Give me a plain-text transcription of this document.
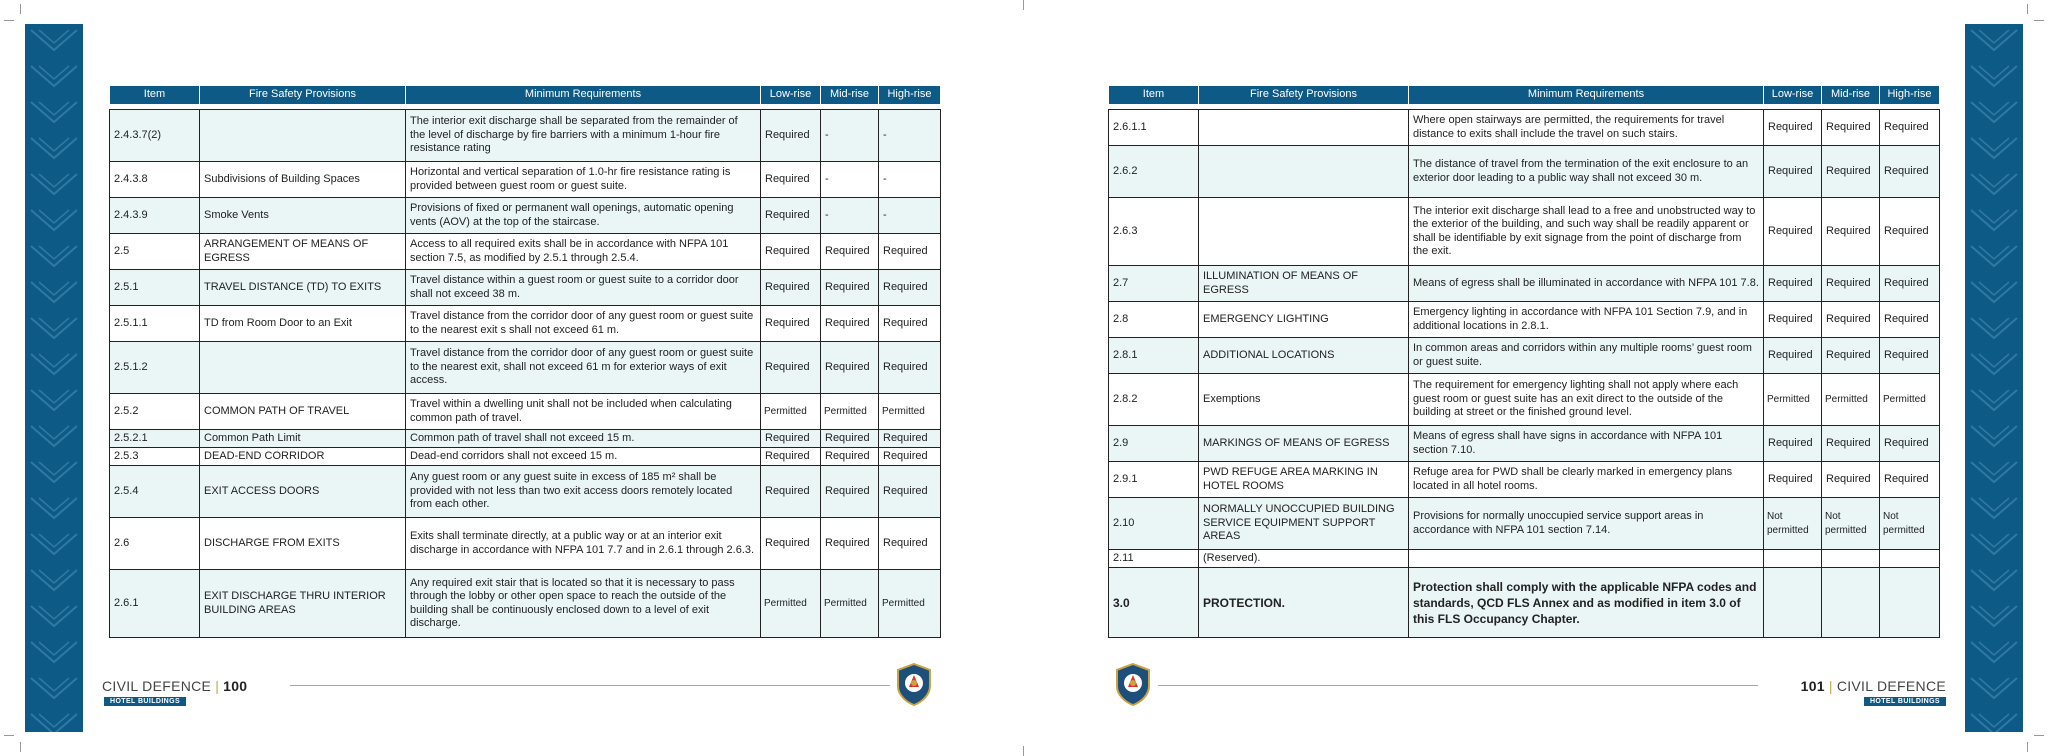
Item	Fire Safety Provisions	Minimum Requirements	Low-rise	Mid-rise	High-rise

2.4.3.7(2)		The interior exit discharge shall be separated from the remainder of the level of discharge by fire barriers with a minimum 1-hour fire resistance rating	Required	-	-
2.4.3.8	Subdivisions of Building Spaces	Horizontal and vertical separation of 1.0-hr fire resistance rating is provided between guest room or guest suite.	Required	-	-
2.4.3.9	Smoke Vents	Provisions of fixed or permanent wall openings, automatic opening vents (AOV) at the top of the staircase.	Required	-	-
2.5	ARRANGEMENT OF MEANS OF EGRESS	Access to all required exits shall be in accordance with NFPA 101 section 7.5, as modified by 2.5.1 through 2.5.4.	Required	Required	Required
2.5.1	TRAVEL DISTANCE (TD) TO EXITS	Travel distance within a guest room or guest suite to a corridor door shall not exceed 38 m.	Required	Required	Required
2.5.1.1	TD from Room Door to an Exit	Travel distance from the corridor door of any guest room or guest suite to the nearest exit s shall not exceed 61 m.	Required	Required	Required
2.5.1.2		Travel distance from the corridor door of any guest room or guest suite to the nearest exit, shall not exceed 61 m for exterior ways of exit access.	Required	Required	Required
2.5.2	COMMON PATH OF TRAVEL	Travel within a dwelling unit shall not be included when calculating common path of travel.	Permitted	Permitted	Permitted
2.5.2.1	Common Path Limit	Common path of travel shall not exceed 15 m.	Required	Required	Required
2.5.3	DEAD-END CORRIDOR	Dead-end corridors shall not exceed 15 m.	Required	Required	Required
2.5.4	EXIT ACCESS DOORS	Any guest room or any guest suite in excess of 185 m² shall be provided with not less than two exit access doors remotely located from each other.	Required	Required	Required
2.6	DISCHARGE FROM EXITS	Exits shall terminate directly, at a public way or at an interior exit discharge in accordance with NFPA 101 7.7 and in 2.6.1 through 2.6.3.	Required	Required	Required
2.6.1	EXIT DISCHARGE THRU INTERIOR BUILDING AREAS	Any required exit stair that is located so that it is necessary to pass through the lobby or other open space to reach the outside of the building shall be continuously enclosed down to a level of exit discharge.	Permitted	Permitted	Permitted
Item	Fire Safety Provisions	Minimum Requirements	Low-rise	Mid-rise	High-rise

2.6.1.1		Where open stairways are permitted, the requirements for travel distance to exits shall include the travel on such stairs.	Required	Required	Required
2.6.2		The distance of travel from the termination of the exit enclosure to an exterior door leading to a public way shall not exceed 30 m.	Required	Required	Required
2.6.3		The interior exit discharge shall lead to a free and unobstructed way to the exterior of the building, and such way shall be readily apparent or shall be identifiable by exit signage from the point of discharge from the exit.	Required	Required	Required
2.7	ILLUMINATION OF MEANS OF EGRESS	Means of egress shall be illuminated in accordance with NFPA 101 7.8.	Required	Required	Required
2.8	EMERGENCY LIGHTING	Emergency lighting in accordance with NFPA 101 Section 7.9, and in additional locations in 2.8.1.	Required	Required	Required
2.8.1	ADDITIONAL LOCATIONS	In common areas and corridors within any multiple rooms’ guest room or guest suite.	Required	Required	Required
2.8.2	Exemptions	The requirement for emergency lighting shall not apply where each guest room or guest suite has an exit direct to the outside of the building at street or the finished ground level.	Permitted	Permitted	Permitted
2.9	MARKINGS OF MEANS OF EGRESS	Means of egress shall have signs in accordance with NFPA 101 section 7.10.	Required	Required	Required
2.9.1	PWD REFUGE AREA MARKING IN HOTEL ROOMS	Refuge area for PWD shall be clearly marked in emergency plans located in all hotel rooms.	Required	Required	Required
2.10	NORMALLY UNOCCUPIED BUILDING SERVICE EQUIPMENT SUPPORT AREAS	Provisions for normally unoccupied service support areas in accordance with NFPA 101 section 7.14.	Not permitted	Not permitted	Not permitted
2.11	(Reserved).				
3.0	PROTECTION.	Protection shall comply with the applicable NFPA codes and standards, QCD FLS Annex and as modified in item 3.0 of this FLS Occupancy Chapter.			
CIVIL DEFENCE | 100
HOTEL BUILDINGS
101 | CIVIL DEFENCE
HOTEL BUILDINGS
